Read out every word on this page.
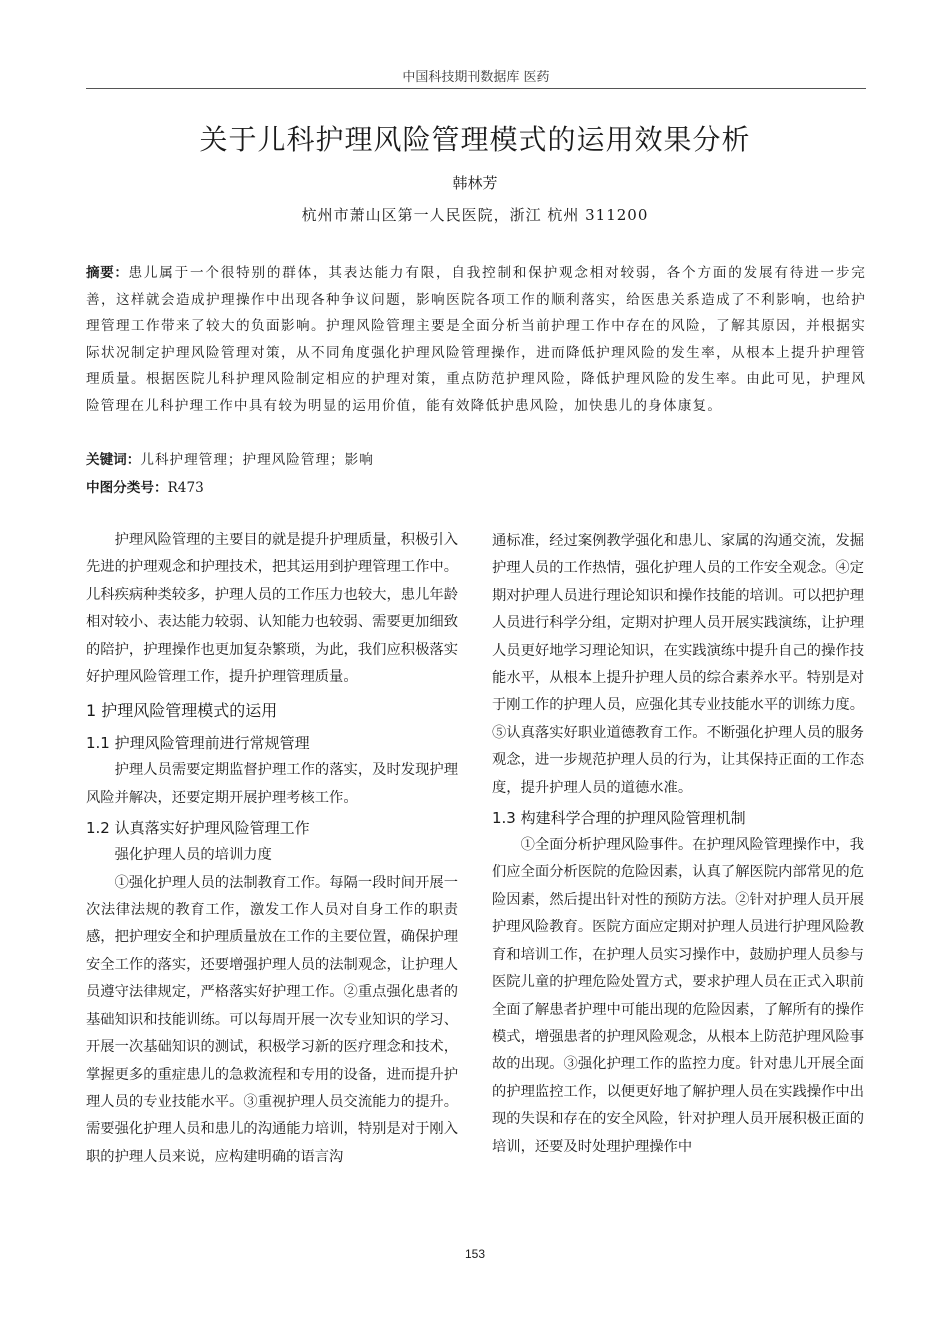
中国科技期刊数据库 医药
关于儿科护理风险管理模式的运用效果分析
韩林芳
杭州市萧山区第一人民医院，浙江 杭州 311200
摘要：患儿属于一个很特别的群体，其表达能力有限，自我控制和保护观念相对较弱，各个方面的发展有待进一步完善，这样就会造成护理操作中出现各种争议问题，影响医院各项工作的顺利落实，给医患关系造成了不利影响，也给护理管理工作带来了较大的负面影响。护理风险管理主要是全面分析当前护理工作中存在的风险，了解其原因，并根据实际状况制定护理风险管理对策，从不同角度强化护理风险管理操作，进而降低护理风险的发生率，从根本上提升护理管理质量。根据医院儿科护理风险制定相应的护理对策，重点防范护理风险，降低护理风险的发生率。由此可见，护理风险管理在儿科护理工作中具有较为明显的运用价值，能有效降低护患风险，加快患儿的身体康复。
关键词：儿科护理管理；护理风险管理；影响
中图分类号：R473

护理风险管理的主要目的就是提升护理质量，积极引入先进的护理观念和护理技术，把其运用到护理管理工作中。儿科疾病种类较多，护理人员的工作压力也较大，患儿年龄相对较小、表达能力较弱、认知能力也较弱、需要更加细致的陪护，护理操作也更加复杂繁琐，为此，我们应积极落实好护理风险管理工作，提升护理管理质量。

1 护理风险管理模式的运用

1.1 护理风险管理前进行常规管理

护理人员需要定期监督护理工作的落实，及时发现护理风险并解决，还要定期开展护理考核工作。

1.2 认真落实好护理风险管理工作

强化护理人员的培训力度

①强化护理人员的法制教育工作。每隔一段时间开展一次法律法规的教育工作，激发工作人员对自身工作的职责感，把护理安全和护理质量放在工作的主要位置，确保护理安全工作的落实，还要增强护理人员的法制观念，让护理人员遵守法律规定，严格落实好护理工作。②重点强化患者的基础知识和技能训练。可以每周开展一次专业知识的学习、开展一次基础知识的测试，积极学习新的医疗理念和技术，掌握更多的重症患儿的急救流程和专用的设备，进而提升护理人员的专业技能水平。③重视护理人员交流能力的提升。需要强化护理人员和患儿的沟通能力培训，特别是对于刚入职的护理人员来说，应构建明确的语言沟

通标准，经过案例教学强化和患儿、家属的沟通交流，发掘护理人员的工作热情，强化护理人员的工作安全观念。④定期对护理人员进行理论知识和操作技能的培训。可以把护理人员进行科学分组，定期对护理人员开展实践演练，让护理人员更好地学习理论知识，在实践演练中提升自己的操作技能水平，从根本上提升护理人员的综合素养水平。特别是对于刚工作的护理人员，应强化其专业技能水平的训练力度。⑤认真落实好职业道德教育工作。不断强化护理人员的服务观念，进一步规范护理人员的行为，让其保持正面的工作态度，提升护理人员的道德水准。

1.3 构建科学合理的护理风险管理机制

①全面分析护理风险事件。在护理风险管理操作中，我们应全面分析医院的危险因素，认真了解医院内部常见的危险因素，然后提出针对性的预防方法。②针对护理人员开展护理风险教育。医院方面应定期对护理人员进行护理风险教育和培训工作，在护理人员实习操作中，鼓励护理人员参与医院儿童的护理危险处置方式，要求护理人员在正式入职前全面了解患者护理中可能出现的危险因素，了解所有的操作模式，增强患者的护理风险观念，从根本上防范护理风险事故的出现。③强化护理工作的监控力度。针对患儿开展全面的护理监控工作，以便更好地了解护理人员在实践操作中出现的失误和存在的安全风险，针对护理人员开展积极正面的培训，还要及时处理护理操作中

153
